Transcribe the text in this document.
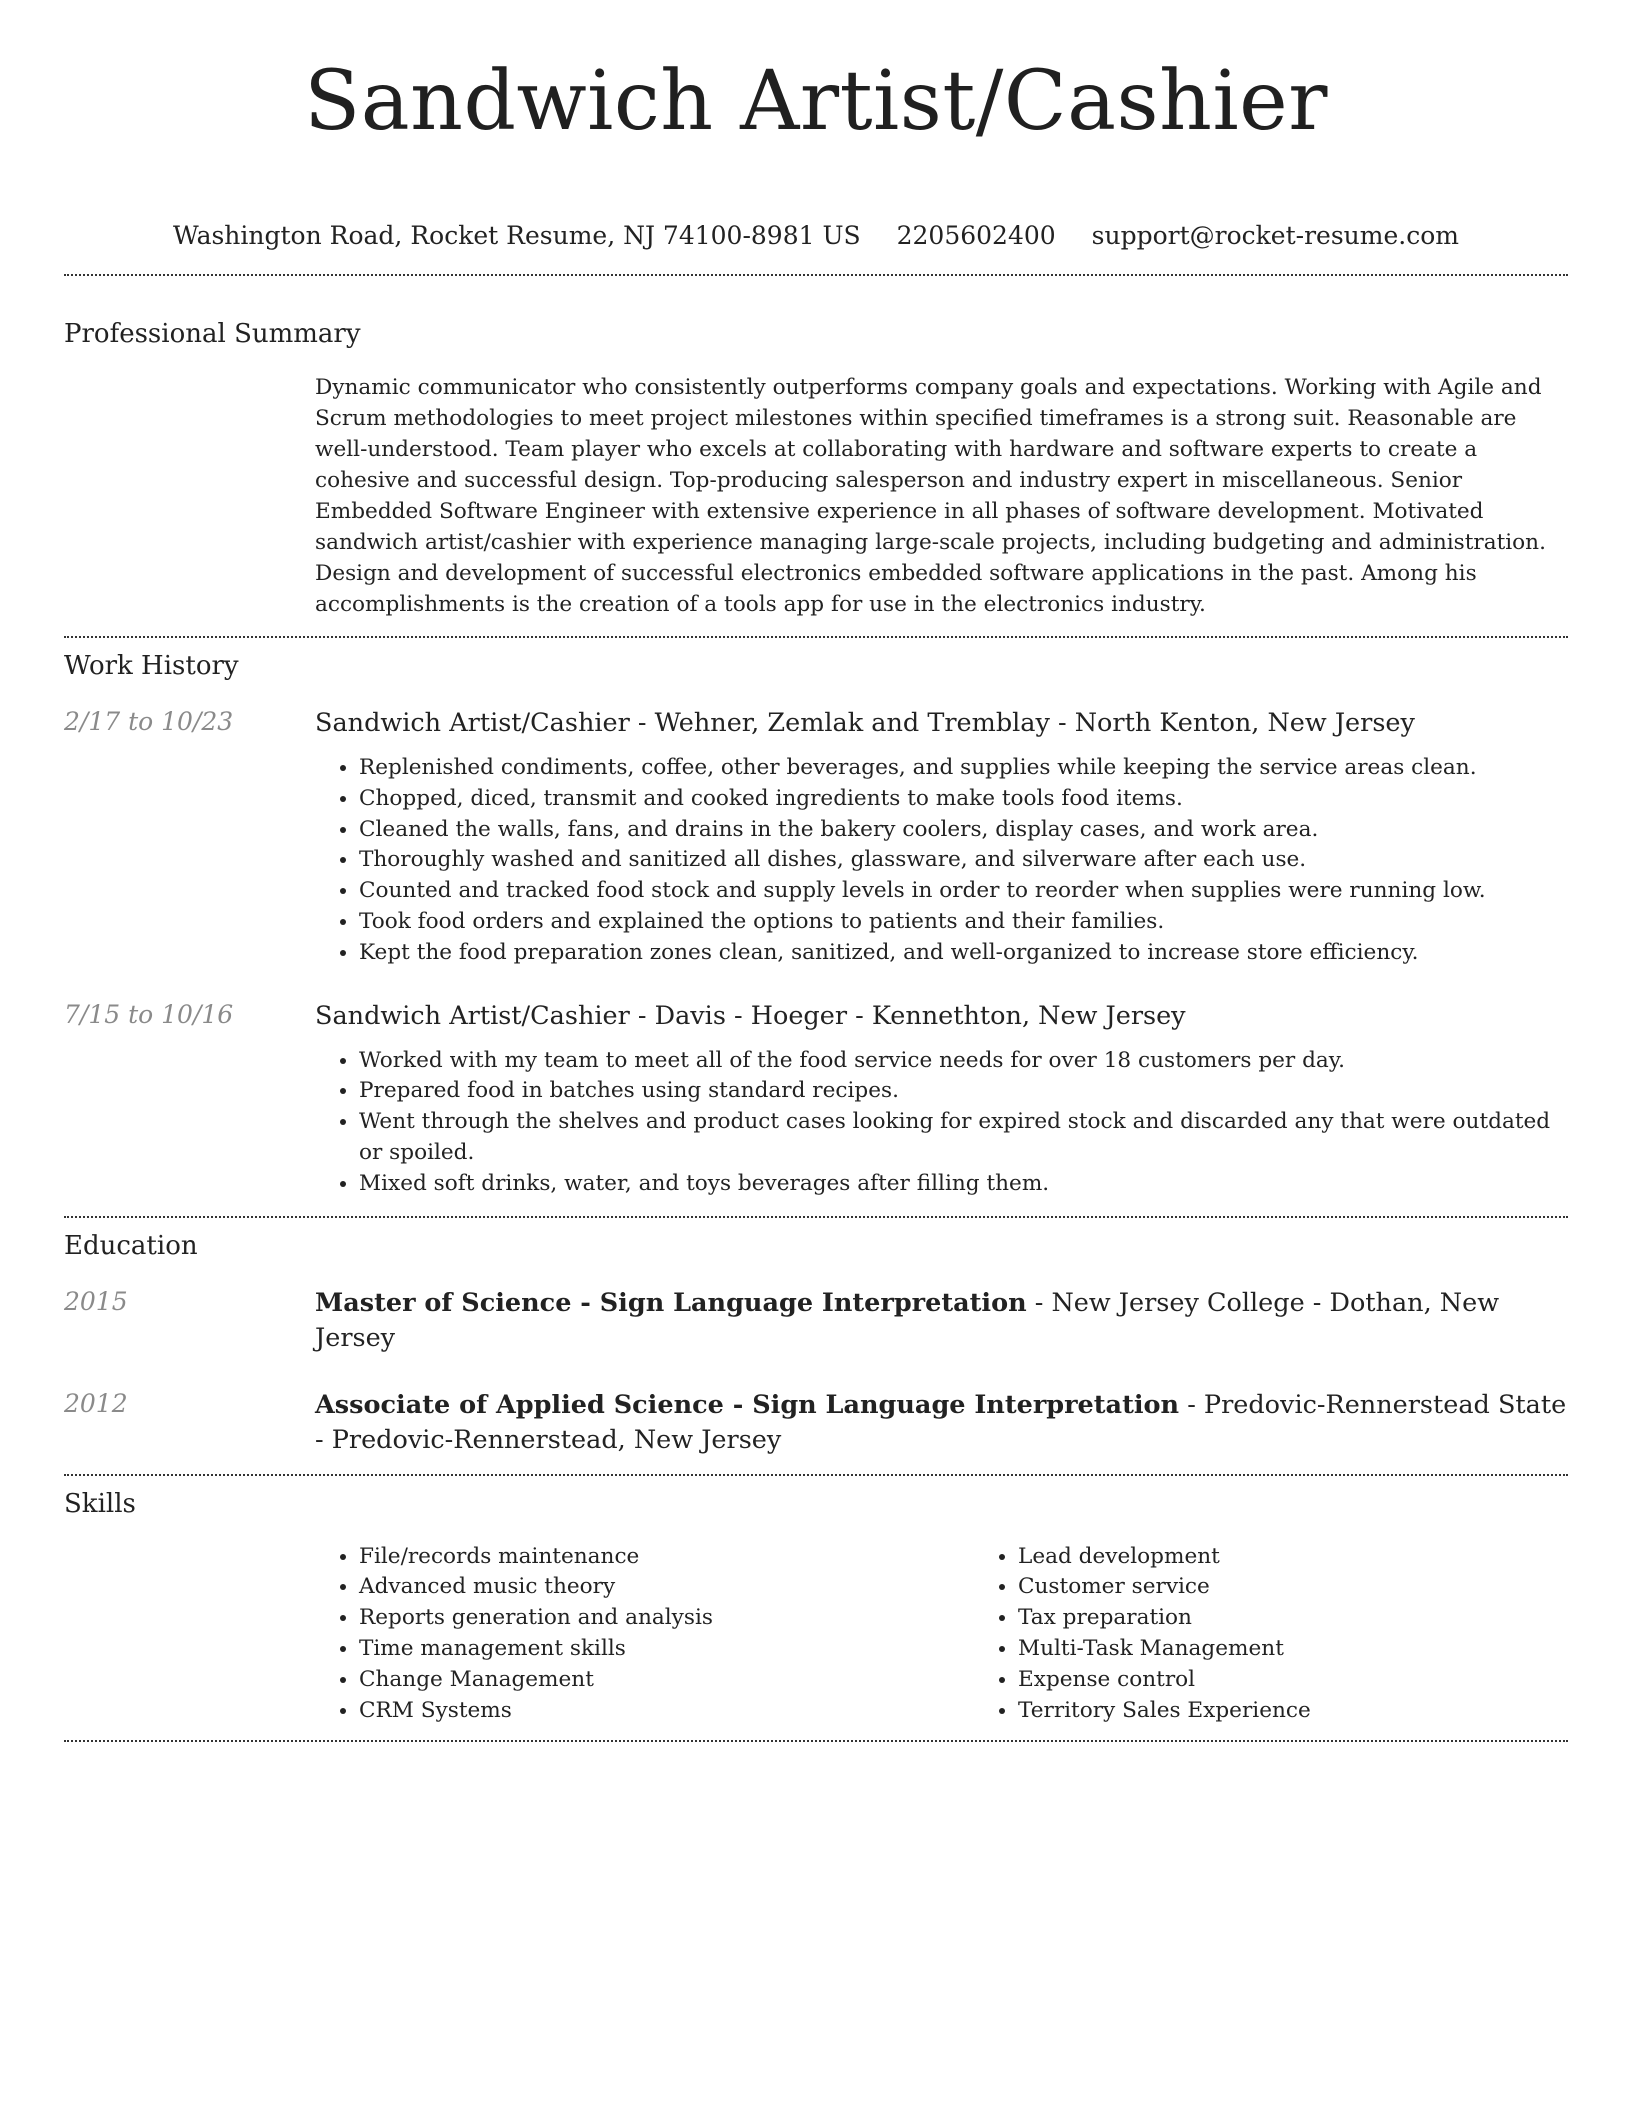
Sandwich Artist/Cashier
Washington Road, Rocket Resume, NJ 74100-8981 US 2205602400 support@rocket-resume.com
Professional Summary
Dynamic communicator who consistently outperforms company goals and expectations. Working with Agile and Scrum methodologies to meet project milestones within specified timeframes is a strong suit. Reasonable are well-understood. Team player who excels at collaborating with hardware and software experts to create a cohesive and successful design. Top-producing salesperson and industry expert in miscellaneous. Senior Embedded Software Engineer with extensive experience in all phases of software development. Motivated sandwich artist/cashier with experience managing large-scale projects, including budgeting and administration. Design and development of successful electronics embedded software applications in the past. Among his accomplishments is the creation of a tools app for use in the electronics industry.
Work History
2/17 to 10/23	Sandwich Artist/Cashier - Wehner, Zemlak and Tremblay - North Kenton, New Jersey
• Replenished condiments, coffee, other beverages, and supplies while keeping the service areas clean.
• Chopped, diced, transmit and cooked ingredients to make tools food items.
• Cleaned the walls, fans, and drains in the bakery coolers, display cases, and work area.
• Thoroughly washed and sanitized all dishes, glassware, and silverware after each use.
• Counted and tracked food stock and supply levels in order to reorder when supplies were running low.
• Took food orders and explained the options to patients and their families.
• Kept the food preparation zones clean, sanitized, and well-organized to increase store efficiency.
7/15 to 10/16	Sandwich Artist/Cashier - Davis - Hoeger - Kennethton, New Jersey
• Worked with my team to meet all of the food service needs for over 18 customers per day.
• Prepared food in batches using standard recipes.
• Went through the shelves and product cases looking for expired stock and discarded any that were outdated or spoiled.
• Mixed soft drinks, water, and toys beverages after filling them.
Education
2015	Master of Science - Sign Language Interpretation - New Jersey College - Dothan, New Jersey
2012	Associate of Applied Science - Sign Language Interpretation - Predovic-Rennerstead State - Predovic-Rennerstead, New Jersey
Skills
• File/records maintenance
• Advanced music theory
• Reports generation and analysis
• Time management skills
• Change Management
• CRM Systems
• Lead development
• Customer service
• Tax preparation
• Multi-Task Management
• Expense control
• Territory Sales Experience
